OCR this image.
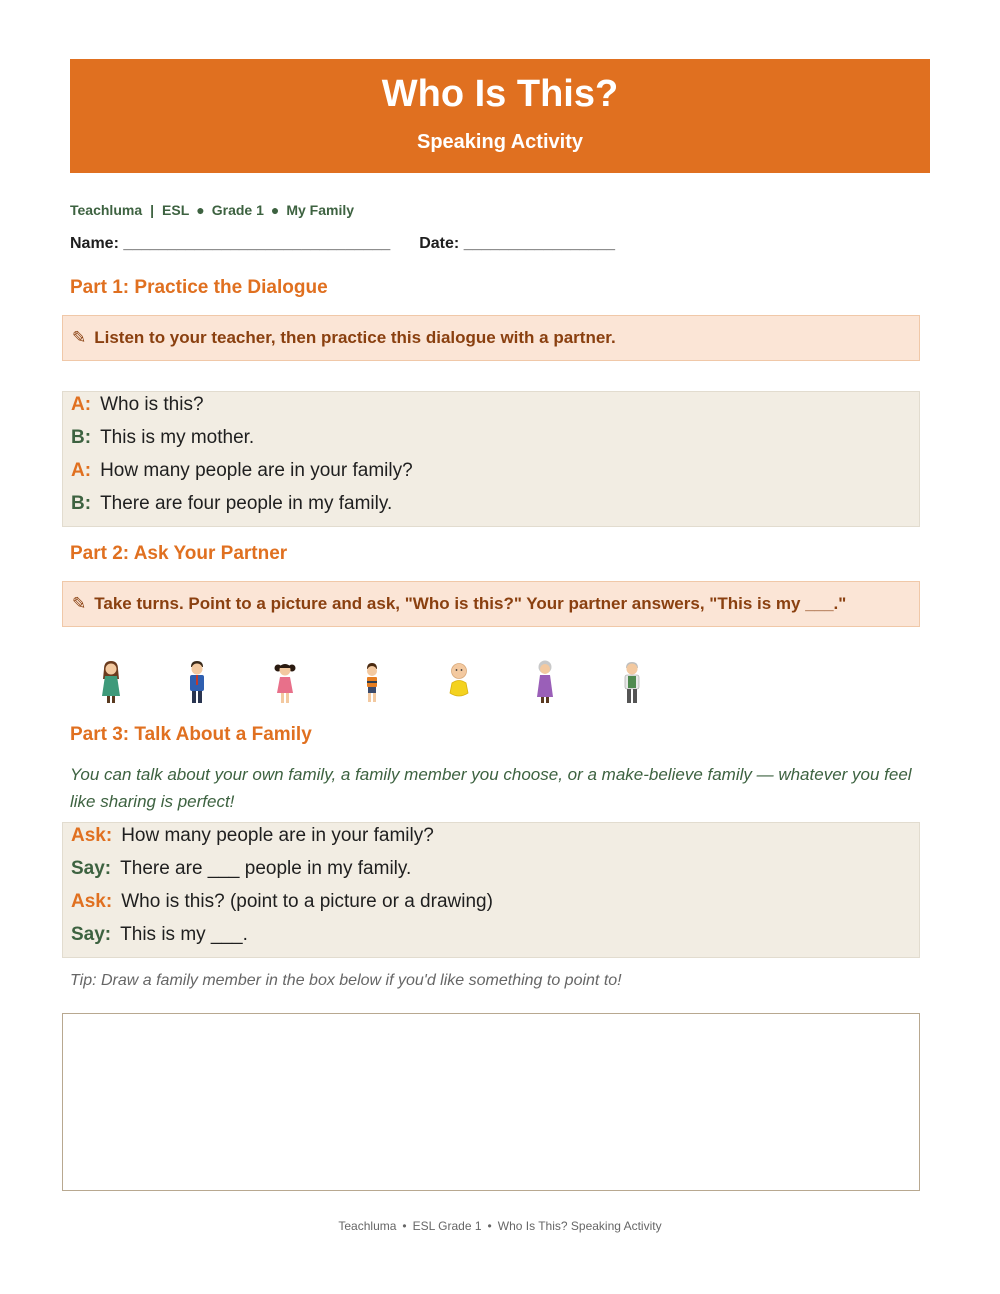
Who Is This?
Speaking Activity
Teachluma | ESL ● Grade 1 ● My Family
Name: ______________________________ Date: _________________
Part 1: Practice the Dialogue
✎ Listen to your teacher, then practice this dialogue with a partner.
A: Who is this?
B: This is my mother.
A: How many people are in your family?
B: There are four people in my family.
Part 2: Ask Your Partner
✎ Take turns. Point to a picture and ask, "Who is this?" Your partner answers, "This is my ___."
Part 3: Talk About a Family
You can talk about your own family, a family member you choose, or a make-believe family — whatever you feel like sharing is perfect!
Ask: How many people are in your family?
Say: There are ___ people in my family.
Ask: Who is this? (point to a picture or a drawing)
Say: This is my ___.
Tip: Draw a family member in the box below if you'd like something to point to!
Teachluma • ESL Grade 1 • Who Is This? Speaking Activity
